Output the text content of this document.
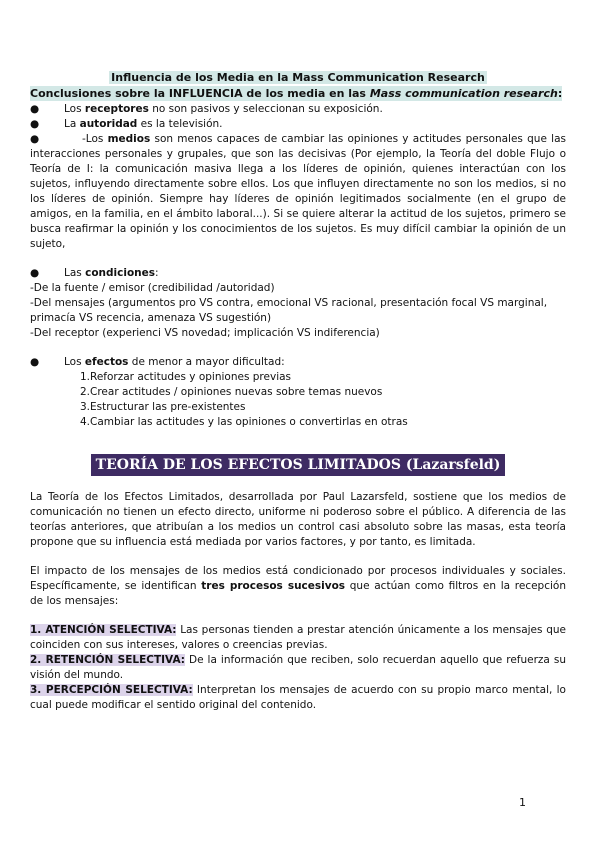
Influencia de los Media en la Mass Communication Research
Conclusiones sobre la INFLUENCIA de los media en las Mass communication research:
●	Los receptores no son pasivos y seleccionan su exposición.
●	La autoridad es la televisión.
●	-Los medios son menos capaces de cambiar las opiniones y actitudes personales que las interacciones personales y grupales, que son las decisivas (Por ejemplo, la Teoría del doble Flujo o Teoría de I: la comunicación masiva llega a los líderes de opinión, quienes interactúan con los sujetos, influyendo directamente sobre ellos. Los que influyen directamente no son los medios, si no los líderes de opinión. Siempre hay líderes de opinión legitimados socialmente (en el grupo de amigos, en la familia, en el ámbito laboral...). Si se quiere alterar la actitud de los sujetos, primero se busca reafirmar la opinión y los conocimientos de los sujetos. Es muy difícil cambiar la opinión de un sujeto,
●	Las condiciones:
-De la fuente / emisor (credibilidad /autoridad)
-Del mensajes (argumentos pro VS contra, emocional VS racional, presentación focal VS marginal, primacía VS recencia, amenaza VS sugestión)
-Del receptor (experienci VS novedad; implicación VS indiferencia)
●	Los efectos de menor a mayor dificultad:
1.Reforzar actitudes y opiniones previas
2.Crear actitudes / opiniones nuevas sobre temas nuevos
3.Estructurar las pre-existentes
4.Cambiar las actitudes y las opiniones o convertirlas en otras
TEORÍA DE LOS EFECTOS LIMITADOS (Lazarsfeld)
La Teoría de los Efectos Limitados, desarrollada por Paul Lazarsfeld, sostiene que los medios de comunicación no tienen un efecto directo, uniforme ni poderoso sobre el público. A diferencia de las teorías anteriores, que atribuían a los medios un control casi absoluto sobre las masas, esta teoría propone que su influencia está mediada por varios factores, y por tanto, es limitada.
El impacto de los mensajes de los medios está condicionado por procesos individuales y sociales. Específicamente, se identifican tres procesos sucesivos que actúan como filtros en la recepción de los mensajes:
1. ATENCIÓN SELECTIVA: Las personas tienden a prestar atención únicamente a los mensajes que coinciden con sus intereses, valores o creencias previas.
2. RETENCIÓN SELECTIVA: De la información que reciben, solo recuerdan aquello que refuerza su visión del mundo.
3. PERCEPCIÓN SELECTIVA: Interpretan los mensajes de acuerdo con su propio marco mental, lo cual puede modificar el sentido original del contenido.
1
